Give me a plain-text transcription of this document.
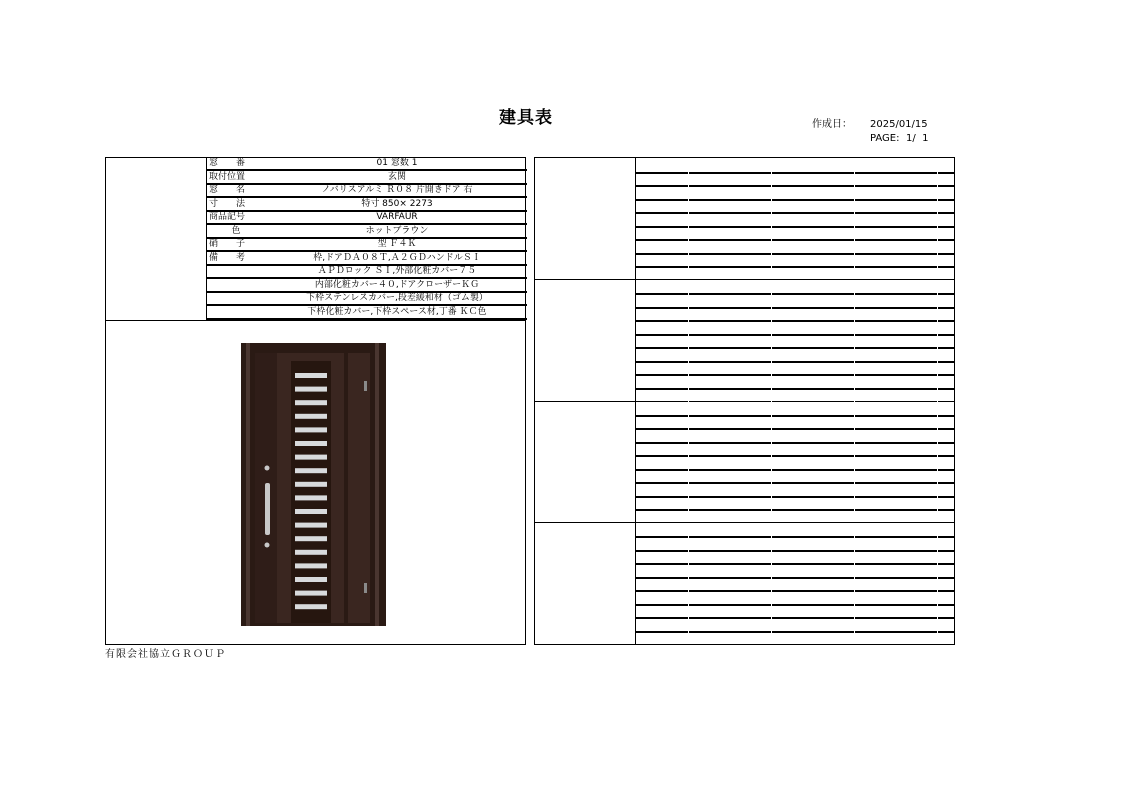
建具表	作成日：	2025/01/15
PAGE: 1/  1
窓　　番	01 窓数 1
取付位置	玄関
窓　　名	ノバリスアルミ Ｒ０８ 片開きドア 右
寸　　法	特寸 850× 2273
商品記号	VARFAUR
色	ホットブラウン
硝　　子	型 Ｆ４Ｋ
備　　考	枠,ドアＤＡ０８Ｔ,Ａ２ＧＤハンドルＳＩ
ＡＰＤロック ＳＩ,外部化粧カバー７５
内部化粧カバー４０,ドアクローザーＫＧ
下枠ステンレスカバー,段差緩和材（ゴム製）
下枠化粧カバー,下枠スペース材,丁番 ＫＣ色
有限会社協立ＧＲＯＵＰ
